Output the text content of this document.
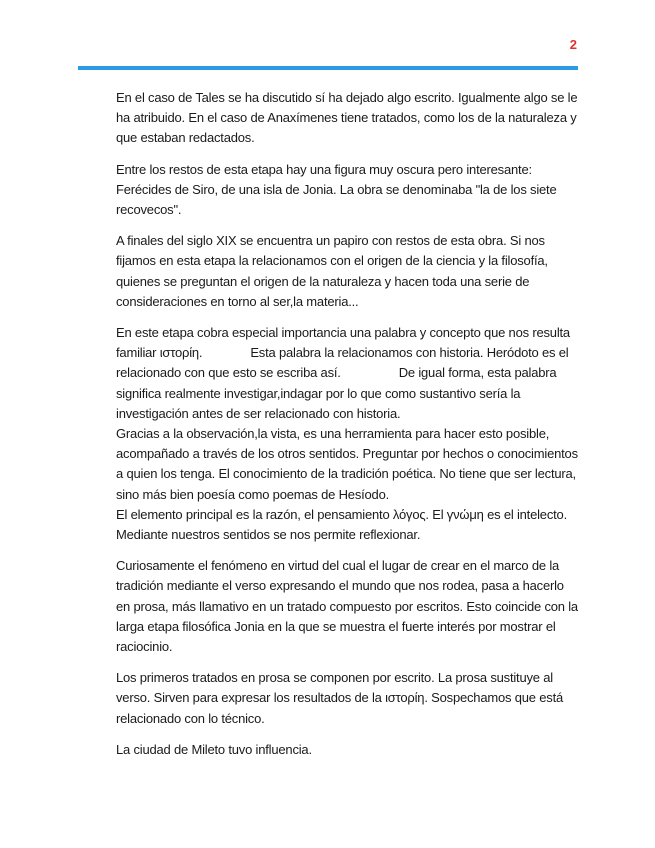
2

En el caso de Tales se ha discutido sí ha dejado algo escrito. Igualmente algo se le ha atribuido. En el caso de Anaxímenes tiene tratados, como los de la naturaleza y que estaban redactados.

Entre los restos de esta etapa hay una figura muy oscura pero interesante: Ferécides de Siro, de una isla de Jonia. La obra se denominaba "la de los siete recovecos".

A finales del siglo XIX se encuentra un papiro con restos de esta obra. Si nos fijamos en esta etapa la relacionamos con el origen de la ciencia y la filosofía, quienes se preguntan el origen de la naturaleza y hacen toda una serie de consideraciones en torno al ser,la materia...

En este etapa cobra especial importancia una palabra y concepto que nos resulta familiar ιστορίη.	Esta palabra la relacionamos con historia. Heródoto es el relacionado con que esto se escriba así.	De igual forma, esta palabra significa realmente investigar,indagar por lo que como sustantivo sería la investigación antes de ser relacionado con historia.

Gracias a la observación,la vista, es una herramienta para hacer esto posible, acompañado a través de los otros sentidos. Preguntar por hechos o conocimientos a quien los tenga. El conocimiento de la tradición poética. No tiene que ser lectura, sino más bien poesía como poemas de Hesíodo.

El elemento principal es la razón, el pensamiento λόγος. El γνώμη es el intelecto. Mediante nuestros sentidos se nos permite reflexionar.

Curiosamente el fenómeno en virtud del cual el lugar de crear en el marco de la tradición mediante el verso expresando el mundo que nos rodea, pasa a hacerlo en prosa, más llamativo en un tratado compuesto por escritos. Esto coincide con la larga etapa filosófica Jonia en la que se muestra el fuerte interés por mostrar el raciocinio.

Los primeros tratados en prosa se componen por escrito. La prosa sustituye al verso. Sirven para expresar los resultados de la ιστορίη. Sospechamos que está relacionado con lo técnico.

La ciudad de Mileto tuvo influencia.
